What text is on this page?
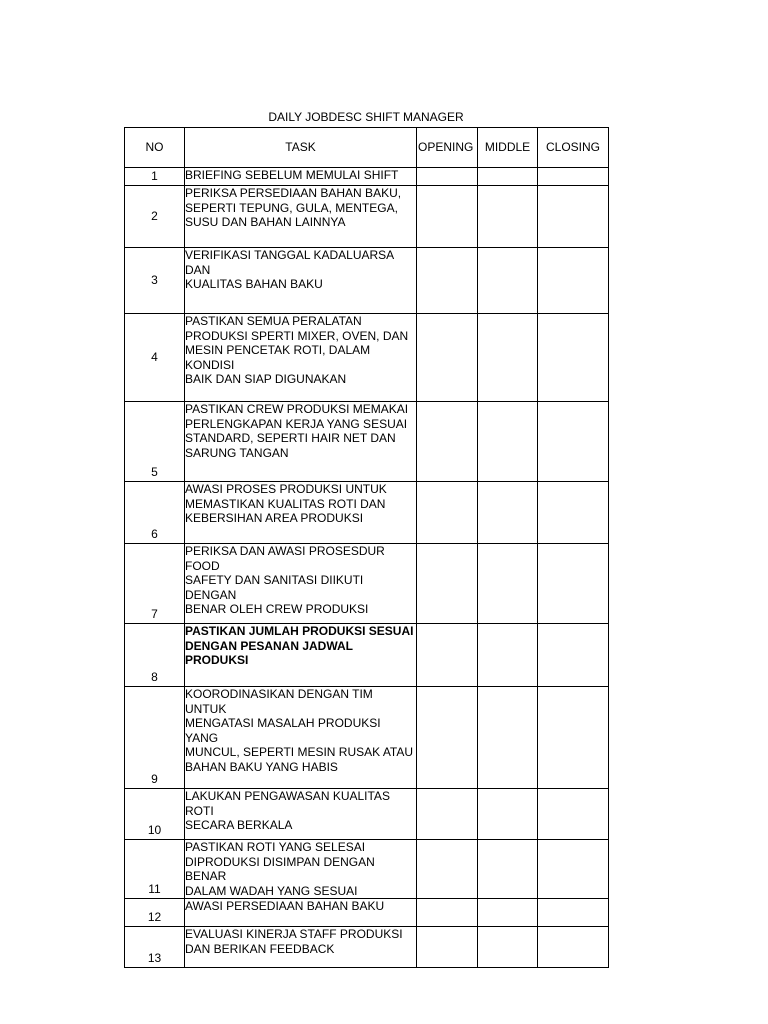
DAILY JOBDESC SHIFT MANAGER
NO	TASK	OPENING	MIDDLE	CLOSING
1	BRIEFING SEBELUM MEMULAI SHIFT			
2	PERIKSA PERSEDIAAN BAHAN BAKU,
SEPERTI TEPUNG, GULA, MENTEGA,
SUSU DAN BAHAN LAINNYA			
3	VERIFIKASI TANGGAL KADALUARSA DAN
KUALITAS BAHAN BAKU			
4	PASTIKAN SEMUA PERALATAN
PRODUKSI SPERTI MIXER, OVEN, DAN
MESIN PENCETAK ROTI, DALAM KONDISI
BAIK DAN SIAP DIGUNAKAN			
5	PASTIKAN CREW PRODUKSI MEMAKAI
PERLENGKAPAN KERJA YANG SESUAI
STANDARD, SEPERTI HAIR NET DAN
SARUNG TANGAN			
6	AWASI PROSES PRODUKSI UNTUK
MEMASTIKAN KUALITAS ROTI DAN
KEBERSIHAN AREA PRODUKSI			
7	PERIKSA DAN AWASI PROSESDUR FOOD
SAFETY DAN SANITASI DIIKUTI DENGAN
BENAR OLEH CREW PRODUKSI			
8	PASTIKAN JUMLAH PRODUKSI SESUAI
DENGAN PESANAN JADWAL PRODUKSI			
9	KOORODINASIKAN DENGAN TIM UNTUK
MENGATASI MASALAH PRODUKSI YANG
MUNCUL, SEPERTI MESIN RUSAK ATAU
BAHAN BAKU YANG HABIS			
10	LAKUKAN PENGAWASAN KUALITAS ROTI
SECARA BERKALA			
11	PASTIKAN ROTI YANG SELESAI
DIPRODUKSI DISIMPAN DENGAN BENAR
DALAM WADAH YANG SESUAI			
12	AWASI PERSEDIAAN BAHAN BAKU			
13	EVALUASI KINERJA STAFF PRODUKSI
DAN BERIKAN FEEDBACK			
